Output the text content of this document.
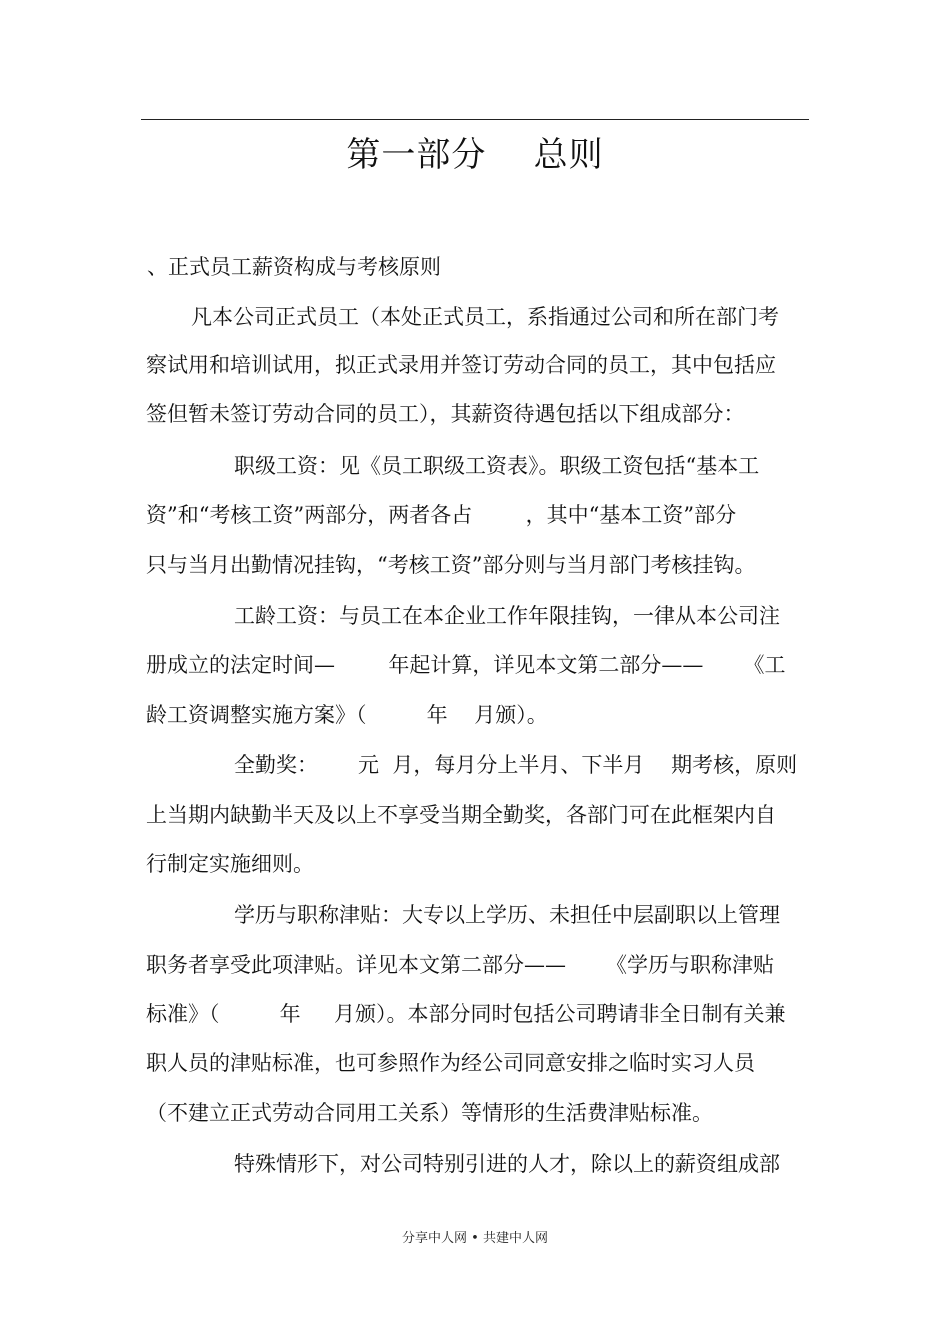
第一部分    总则
、正式员工薪资构成与考核原则
凡本公司正式员工（本处正式员工，系指通过公司和所在部门考
察试用和培训试用，拟正式录用并签订劳动合同的员工，其中包括应
签但暂未签订劳动合同的员工），其薪资待遇包括以下组成部分：
职级工资：见《员工职级工资表》。职级工资包括“基本工
资”和“考核工资”两部分，两者各占        ，其中“基本工资”部分
只与当月出勤情况挂钩，“考核工资”部分则与当月部门考核挂钩。
工龄工资：与员工在本企业工作年限挂钩，一律从本公司注
册成立的法定时间—        年起计算，详见本文第二部分——      《工
龄工资调整实施方案》（         年    月颁）。
全勤奖：      元  月，每月分上半月、下半月    期考核，原则
上当期内缺勤半天及以上不享受当期全勤奖，各部门可在此框架内自
行制定实施细则。
学历与职称津贴：大专以上学历、未担任中层副职以上管理
职务者享受此项津贴。详见本文第二部分——      《学历与职称津贴
标准》（         年     月颁）。本部分同时包括公司聘请非全日制有关兼
职人员的津贴标准，也可参照作为经公司同意安排之临时实习人员
（不建立正式劳动合同用工关系）等情形的生活费津贴标准。
特殊情形下，对公司特别引进的人才，除以上的薪资组成部
分享中人网 • 共建中人网
